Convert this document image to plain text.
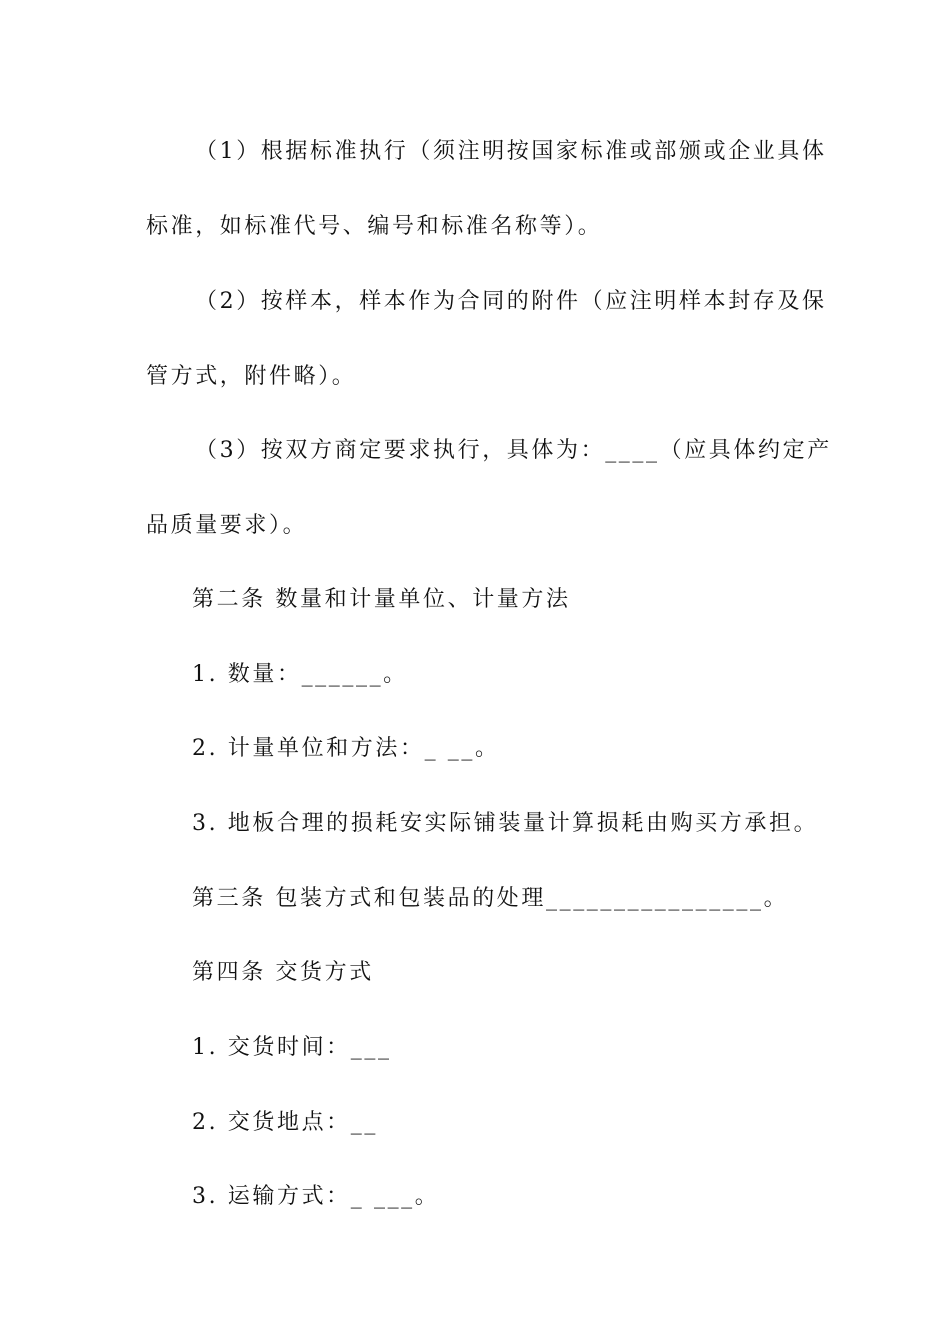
（1）根据标准执行（须注明按国家标准或部颁或企业具体
标准，如标准代号、编号和标准名称等）。
（2）按样本，样本作为合同的附件（应注明样本封存及保
管方式，附件略）。
（3）按双方商定要求执行，具体为：____（应具体约定产
品质量要求）。
第二条 数量和计量单位、计量方法
1. 数量：______。
2. 计量单位和方法：_ __。
3. 地板合理的损耗安实际铺装量计算损耗由购买方承担。
第三条 包装方式和包装品的处理________________。
第四条 交货方式
1. 交货时间：___
2. 交货地点：__
3. 运输方式：_ ___。
